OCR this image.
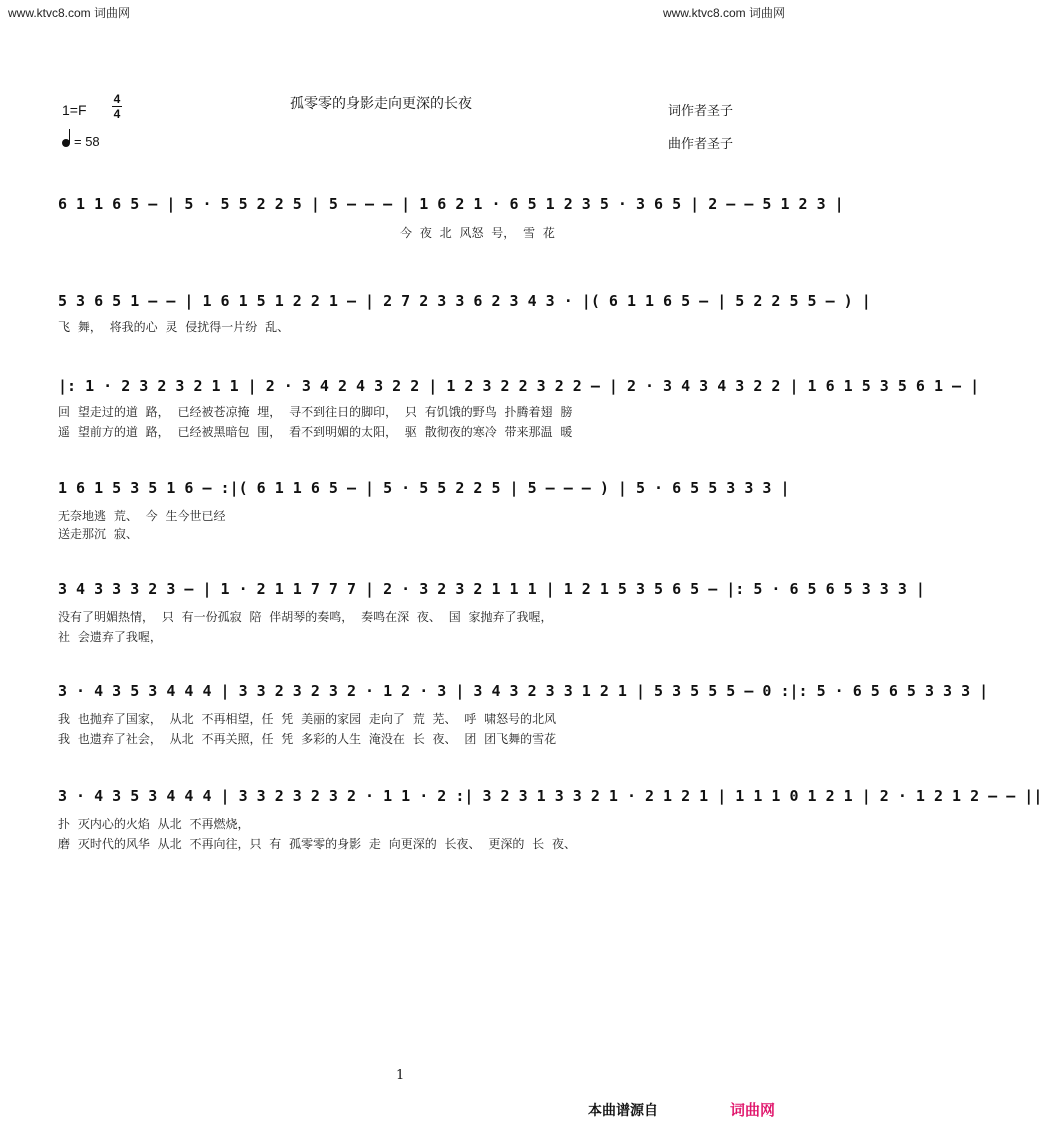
www.ktvc8.com 词曲网	www.ktvc8.com 词曲网
1=F
4
4
孤零零的身影走向更深的长夜	词作者圣子
曲作者圣子
= 58
6 1 1 6 5 – | 5 · 5 5 2 2 5 | 5 – – – | 1 6 2 1 · 6 5 1 2 3 5 · 3 6 5 | 2 – – 5 1 2 3 |
今 夜 北 风怒 号， 雪 花
5 3 6 5 1 – – | 1 6 1 5 1 2 2 1 – | 2 7 2 3 3 6 2 3 4 3 · |( 6 1 1 6 5 – | 5 2 2 5 5 – ) |
飞 舞， 将我的心 灵 侵扰得一片纷 乱、
|: 1 · 2 3 2 3 2 1 1 | 2 · 3 4 2 4 3 2 2 | 1 2 3 2 2 3 2 2 – | 2 · 3 4 3 4 3 2 2 | 1 6 1 5 3 5 6 1 – |
回 望走过的道 路， 已经被苍凉掩 埋， 寻不到往日的脚印， 只 有饥饿的野鸟 扑腾着翅 膀
遥 望前方的道 路， 已经被黑暗包 围， 看不到明媚的太阳， 驱 散彻夜的寒冷 带来那温 暖
1 6 1 5 3 5 1 6 – :|( 6 1 1 6 5 – | 5 · 5 5 2 2 5 | 5 – – – ) | 5 · 6 5 5 3 3 3 |
无奈地逃 荒、 今 生今世已经
送走那沉 寂、
3 4 3 3 3 2 3 – | 1 · 2 1 1 7 7 7 | 2 · 3 2 3 2 1 1 1 | 1 2 1 5 3 5 6 5 – |: 5 · 6 5 6 5 3 3 3 |
没有了明媚热情， 只 有一份孤寂 陪 伴胡琴的奏鸣， 奏鸣在深 夜、 国 家抛弃了我喔，
社 会遗弃了我喔，
3 · 4 3 5 3 4 4 4 | 3 3 2 3 2 3 2 · 1 2 · 3 | 3 4 3 2 3 3 1 2 1 | 5 3 5 5 5 – 0 :|: 5 · 6 5 6 5 3 3 3 |
我 也抛弃了国家， 从北 不再相望，任 凭 美丽的家园 走向了 荒 芜、 呼 啸怒号的北风
我 也遗弃了社会， 从北 不再关照，任 凭 多彩的人生 淹没在 长 夜、 团 团飞舞的雪花
3 · 4 3 5 3 4 4 4 | 3 3 2 3 2 3 2 · 1 1 · 2 :| 3 2 3 1 3 3 2 1 · 2 1 2 1 | 1 1 1 0 1 2 1 | 2 · 1 2 1 2 – – ||
扑 灭内心的火焰 从北 不再燃烧，
磨 灭时代的风华 从北 不再向往，只 有 孤零零的身影 走 向更深的 长夜、 更深的 长 夜、
1
本曲谱源自	词曲网
